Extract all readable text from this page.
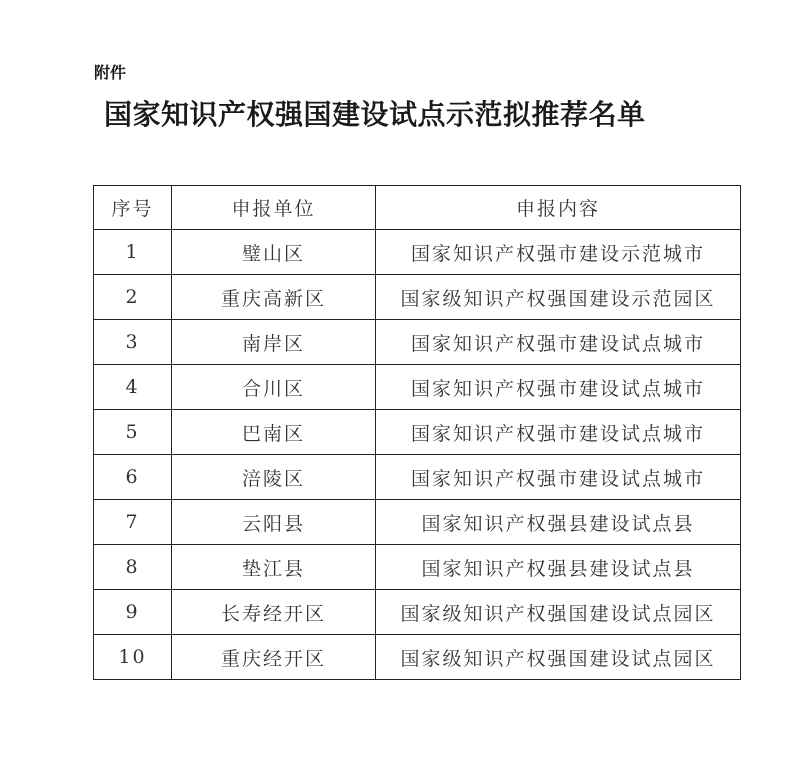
附件
国家知识产权强国建设试点示范拟推荐名单
序号	申报单位	申报内容
1	璧山区	国家知识产权强市建设示范城市
2	重庆高新区	国家级知识产权强国建设示范园区
3	南岸区	国家知识产权强市建设试点城市
4	合川区	国家知识产权强市建设试点城市
5	巴南区	国家知识产权强市建设试点城市
6	涪陵区	国家知识产权强市建设试点城市
7	云阳县	国家知识产权强县建设试点县
8	垫江县	国家知识产权强县建设试点县
9	长寿经开区	国家级知识产权强国建设试点园区
10	重庆经开区	国家级知识产权强国建设试点园区
